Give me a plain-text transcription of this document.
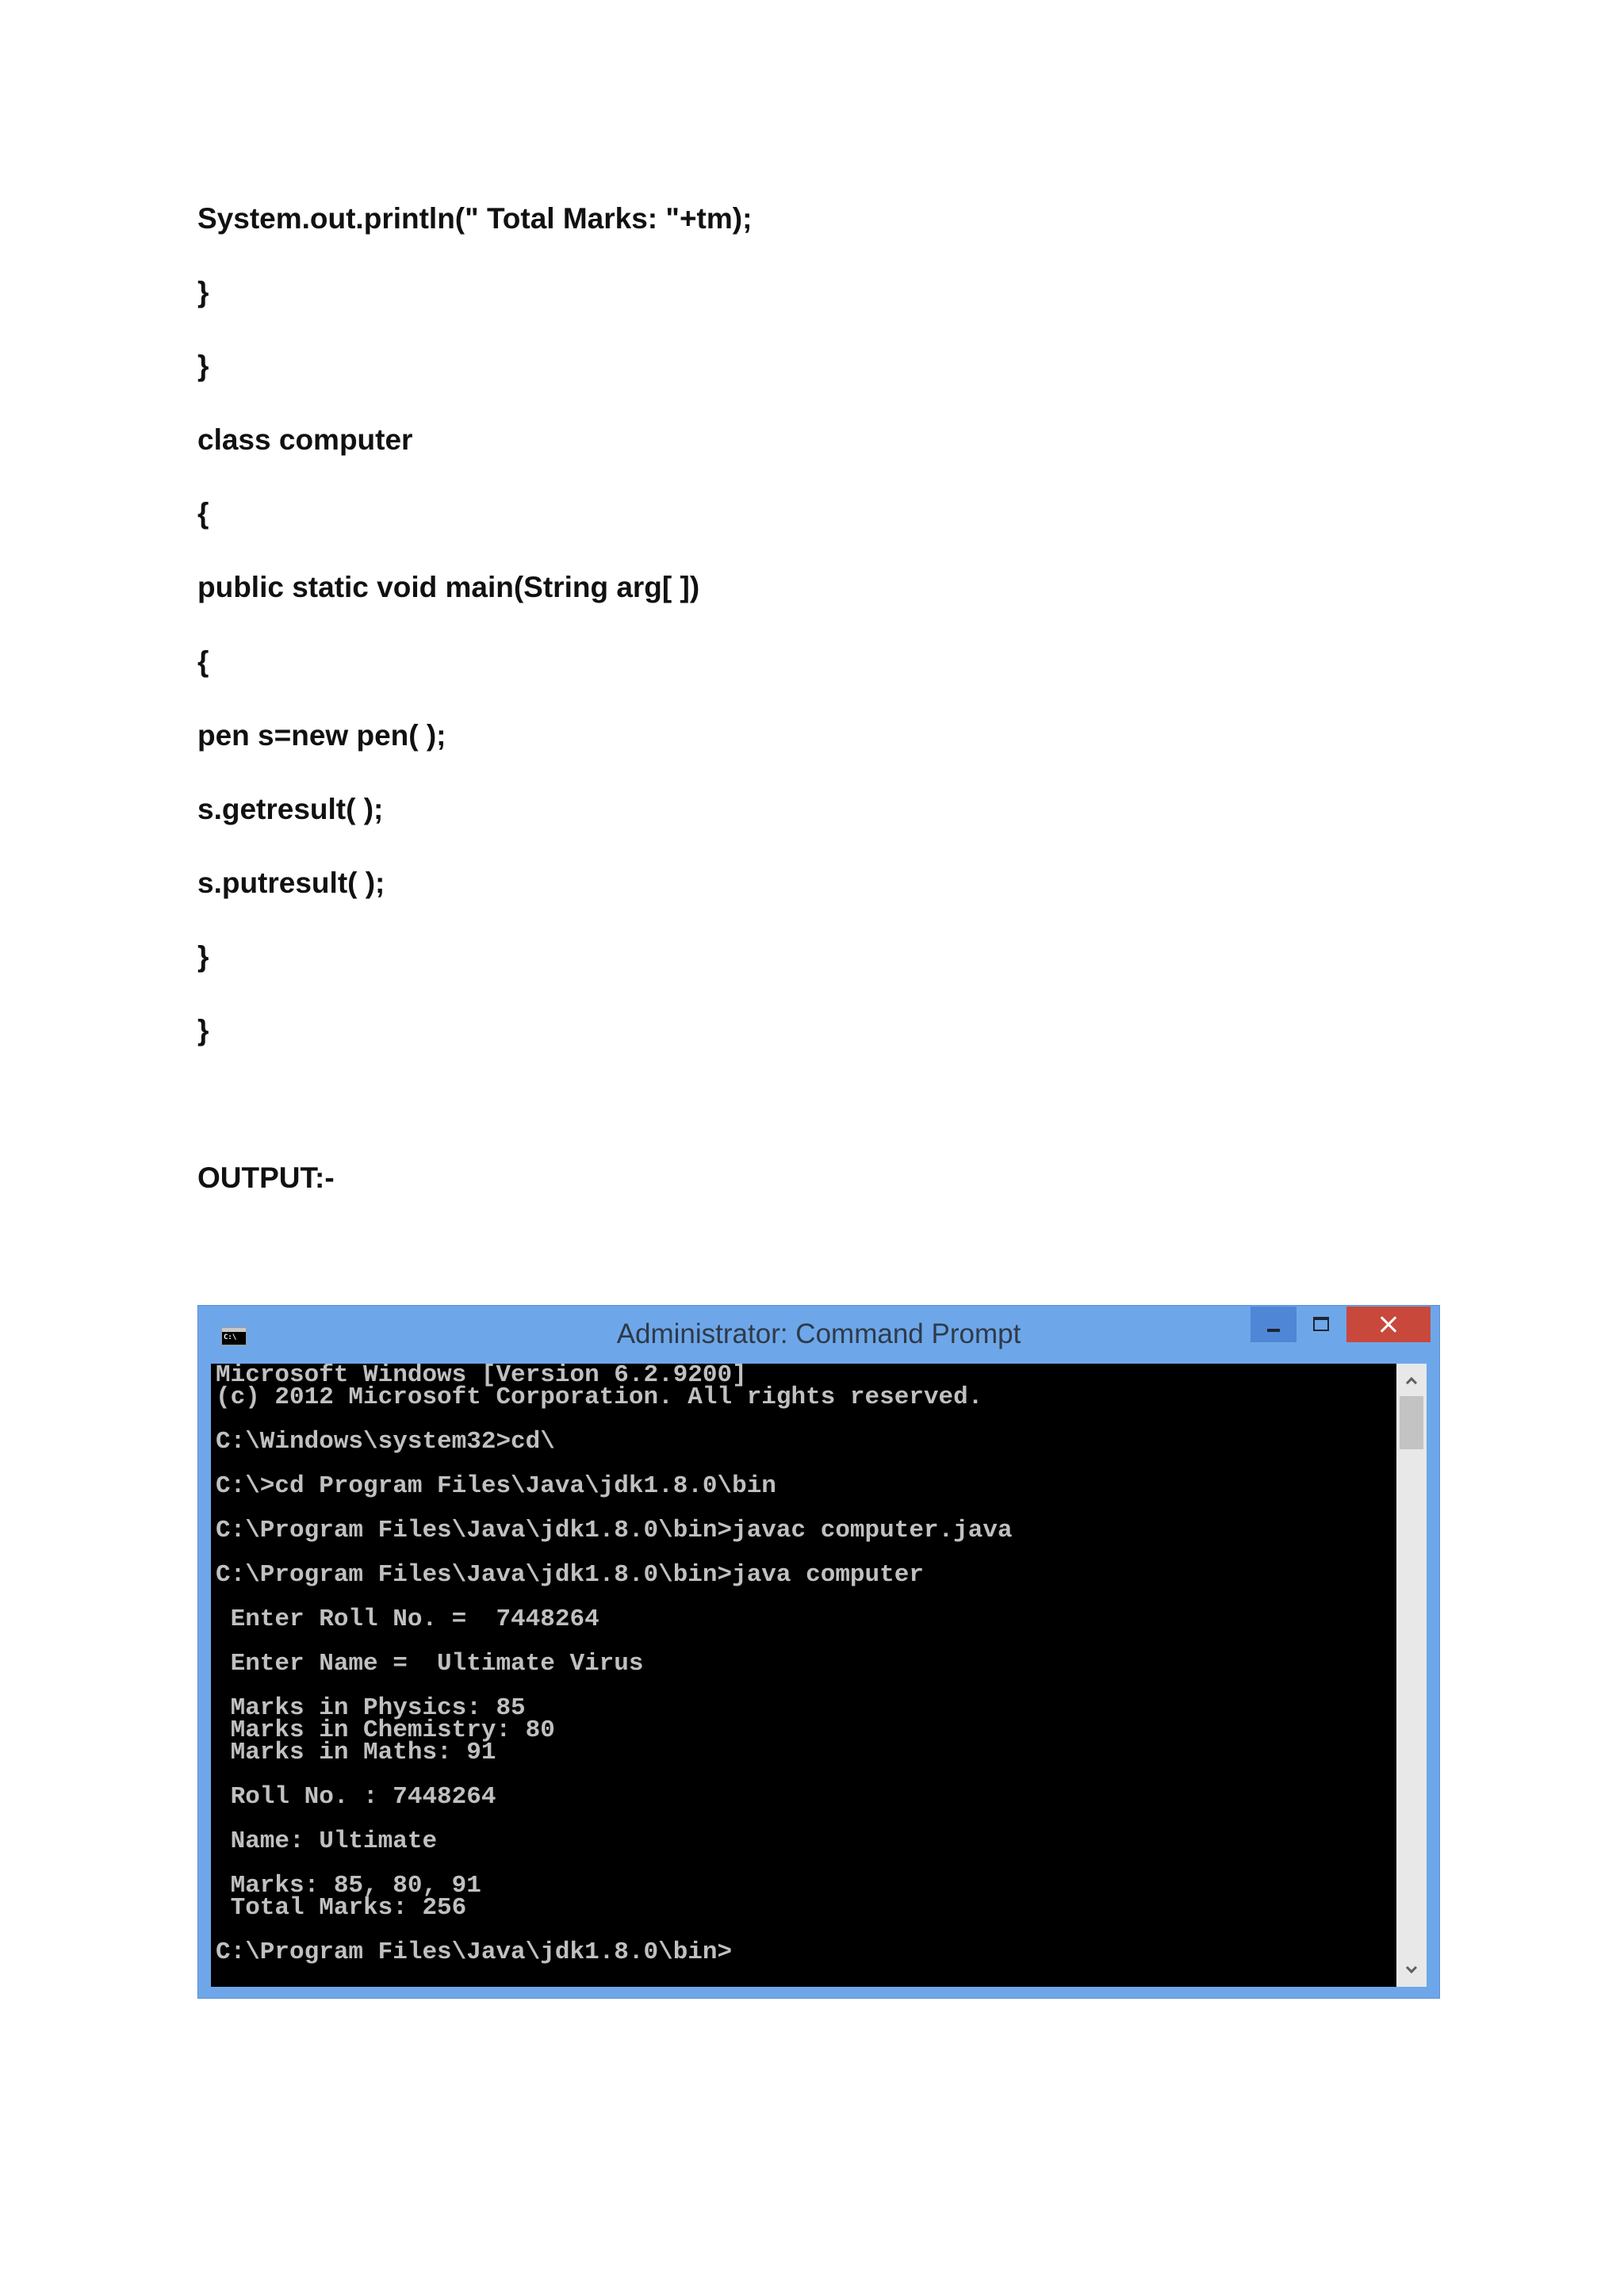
System.out.println(" Total Marks: "+tm);
}
}
class computer
{
public static void main(String arg[ ])
{
pen s=new pen( );
s.getresult( );
s.putresult( );
}
}
OUTPUT:-
C:\	Administrator: Command Prompt
Microsoft Windows [Version 6.2.9200]
(c) 2012 Microsoft Corporation. All rights reserved.
C:\Windows\system32>cd\
C:\>cd Program Files\Java\jdk1.8.0\bin
C:\Program Files\Java\jdk1.8.0\bin>javac computer.java
C:\Program Files\Java\jdk1.8.0\bin>java computer
Enter Roll No. =  7448264
Enter Name =  Ultimate Virus
Marks in Physics: 85
Marks in Chemistry: 80
Marks in Maths: 91
Roll No. : 7448264
Name: Ultimate
Marks: 85, 80, 91
Total Marks: 256
C:\Program Files\Java\jdk1.8.0\bin>
